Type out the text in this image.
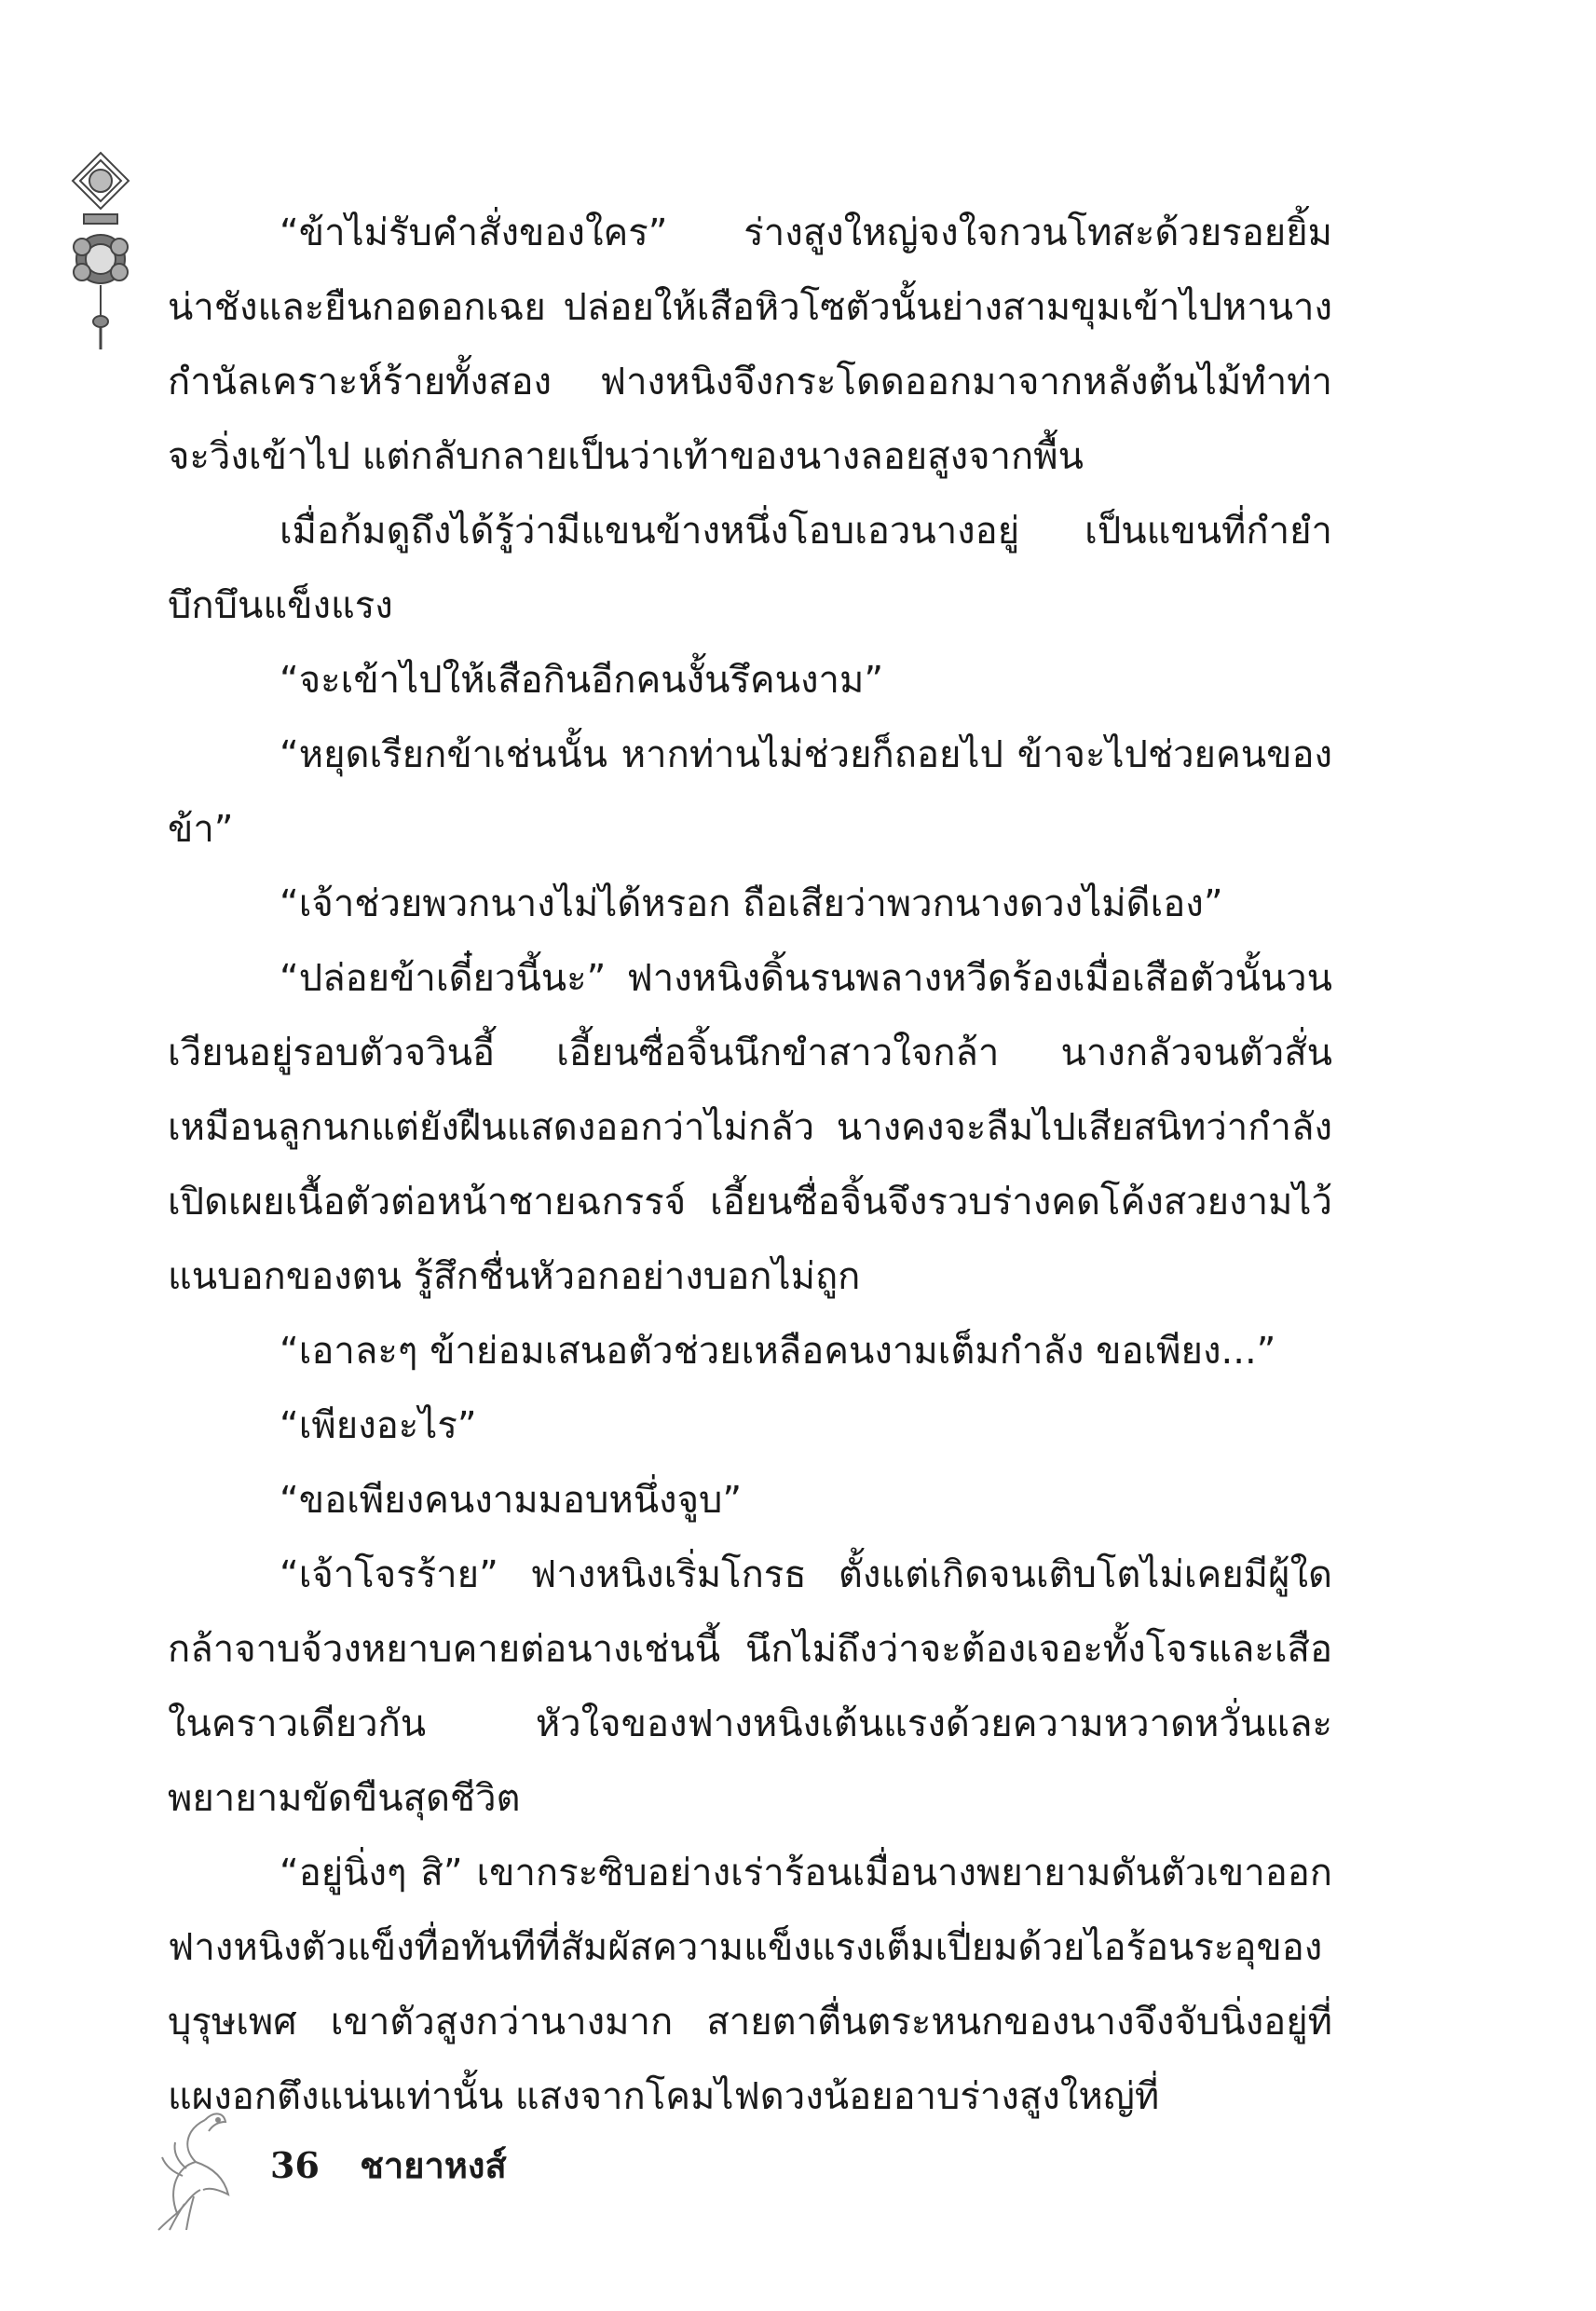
“ข้าไม่รับคำสั่งของใคร” ร่างสูงใหญ่จงใจกวนโทสะด้วยรอยยิ้มน่าชังและยืนกอดอกเฉย ปล่อยให้เสือหิวโซตัวนั้นย่างสามขุมเข้าไปหานางกำนัลเคราะห์ร้ายทั้งสอง ฟางหนิงจึงกระโดดออกมาจากหลังต้นไม้ทำท่าจะวิ่งเข้าไป แต่กลับกลายเป็นว่าเท้าของนางลอยสูงจากพื้น

เมื่อก้มดูถึงได้รู้ว่ามีแขนข้างหนึ่งโอบเอวนางอยู่ เป็นแขนที่กำยำบึกบึนแข็งแรง

“จะเข้าไปให้เสือกินอีกคนงั้นรึคนงาม”

“หยุดเรียกข้าเช่นนั้น หากท่านไม่ช่วยก็ถอยไป ข้าจะไปช่วยคนของข้า”

“เจ้าช่วยพวกนางไม่ได้หรอก ถือเสียว่าพวกนางดวงไม่ดีเอง”

“ปล่อยข้าเดี๋ยวนี้นะ” ฟางหนิงดิ้นรนพลางหวีดร้องเมื่อเสือตัวนั้นวนเวียนอยู่รอบตัวจวินอี้ เอี้ยนซื่อจิ้นนึกขำสาวใจกล้า นางกลัวจนตัวสั่นเหมือนลูกนกแต่ยังฝืนแสดงออกว่าไม่กลัว นางคงจะลืมไปเสียสนิทว่ากำลังเปิดเผยเนื้อตัวต่อหน้าชายฉกรรจ์ เอี้ยนซื่อจิ้นจึงรวบร่างคดโค้งสวยงามไว้แนบอกของตน รู้สึกชื่นหัวอกอย่างบอกไม่ถูก

“เอาละๆ ข้าย่อมเสนอตัวช่วยเหลือคนงามเต็มกำลัง ขอเพียง...”

“เพียงอะไร”

“ขอเพียงคนงามมอบหนึ่งจูบ”

“เจ้าโจรร้าย” ฟางหนิงเริ่มโกรธ ตั้งแต่เกิดจนเติบโตไม่เคยมีผู้ใดกล้าจาบจ้วงหยาบคายต่อนางเช่นนี้ นึกไม่ถึงว่าจะต้องเจอะทั้งโจรและเสือในคราวเดียวกัน หัวใจของฟางหนิงเต้นแรงด้วยความหวาดหวั่นและพยายามขัดขืนสุดชีวิต

“อยู่นิ่งๆ สิ” เขากระซิบอย่างเร่าร้อนเมื่อนางพยายามดันตัวเขาออก ฟางหนิงตัวแข็งทื่อทันทีที่สัมผัสความแข็งแรงเต็มเปี่ยมด้วยไอร้อนระอุของบุรุษเพศ เขาตัวสูงกว่านางมาก สายตาตื่นตระหนกของนางจึงจับนิ่งอยู่ที่แผงอกตึงแน่นเท่านั้น แสงจากโคมไฟดวงน้อยอาบร่างสูงใหญ่ที่

36 ชายาหงส์
